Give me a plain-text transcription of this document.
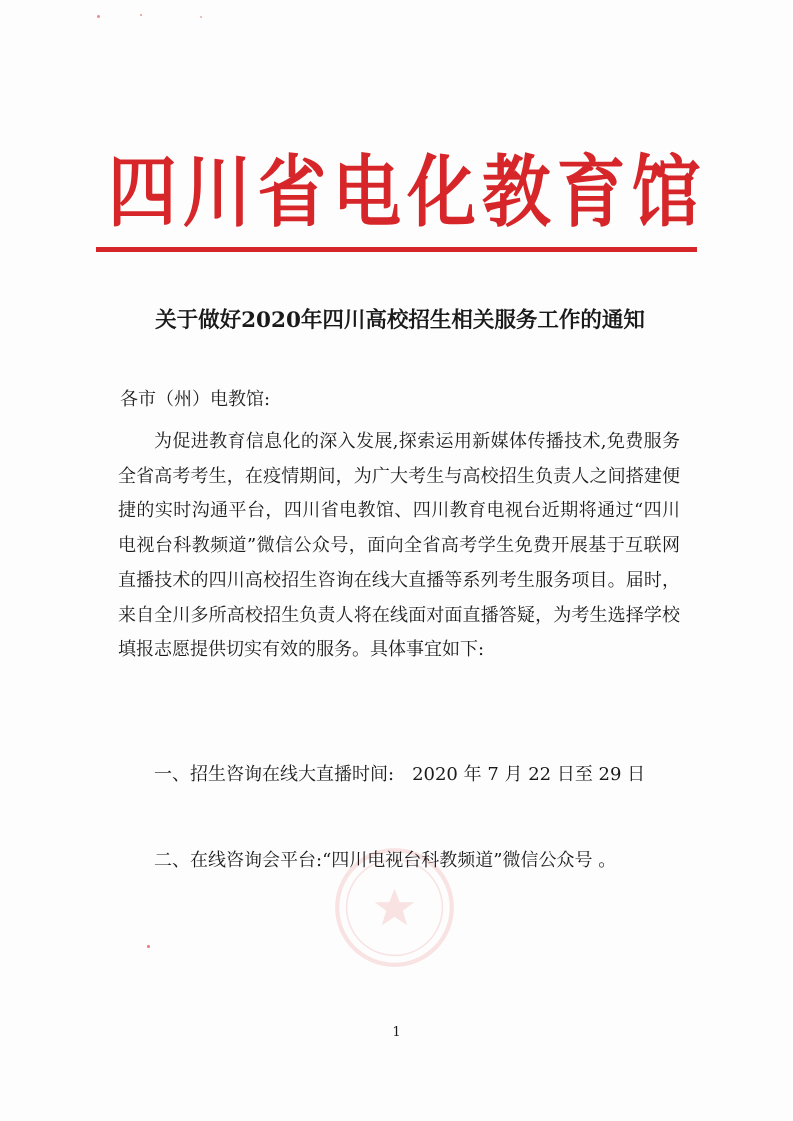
四川省电化教育馆
关于做好2020年四川高校招生相关服务工作的通知
各市（州）电教馆:
为促进教育信息化的深入发展,探索运用新媒体传播技术,免费服务全省高考考生，在疫情期间，为广大考生与高校招生负责人之间搭建便捷的实时沟通平台，四川省电教馆、四川教育电视台近期将通过“四川电视台科教频道”微信公众号，面向全省高考学生免费开展基于互联网直播技术的四川高校招生咨询在线大直播等系列考生服务项目。届时，来自全川多所高校招生负责人将在线面对面直播答疑，为考生选择学校填报志愿提供切实有效的服务。具体事宜如下:
一、招生咨询在线大直播时间:　2020 年 7 月 22 日至 29 日
二、在线咨询会平台:“四川电视台科教频道”微信公众号 。
1
